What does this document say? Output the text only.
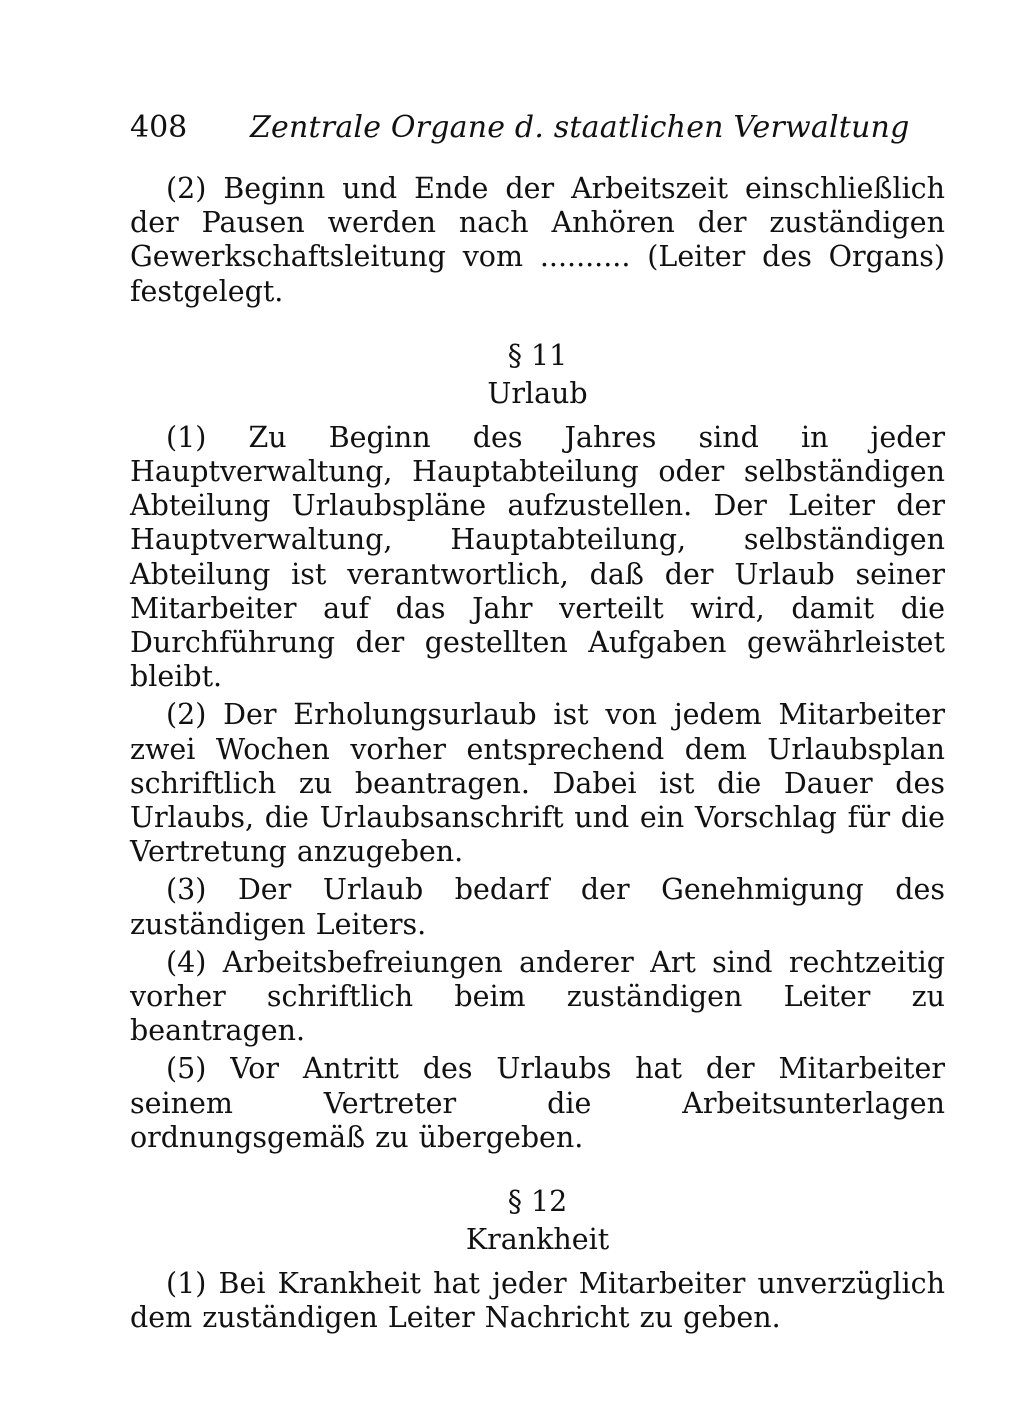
408	Zentrale Organe d. staatlichen Verwaltung

(2) Beginn und Ende der Arbeitszeit einschließlich der Pausen werden nach Anhören der zuständigen Gewerkschaftsleitung vom .......... (Leiter des Organs) festgelegt.

§ 11

Urlaub

(1) Zu Beginn des Jahres sind in jeder Hauptverwaltung, Hauptabteilung oder selbständigen Abteilung Urlaubspläne aufzustellen. Der Leiter der Hauptverwaltung, Hauptabteilung, selbständigen Abteilung ist verantwortlich, daß der Urlaub seiner Mitarbeiter auf das Jahr verteilt wird, damit die Durchführung der gestellten Aufgaben gewährleistet bleibt.

(2) Der Erholungsurlaub ist von jedem Mitarbeiter zwei Wochen vorher entsprechend dem Urlaubsplan schriftlich zu beantragen. Dabei ist die Dauer des Urlaubs, die Urlaubsanschrift und ein Vorschlag für die Vertretung anzugeben.

(3) Der Urlaub bedarf der Genehmigung des zuständigen Leiters.

(4) Arbeitsbefreiungen anderer Art sind rechtzeitig vorher schriftlich beim zuständigen Leiter zu beantragen.

(5) Vor Antritt des Urlaubs hat der Mitarbeiter seinem Vertreter die Arbeitsunterlagen ordnungsgemäß zu übergeben.

§ 12

Krankheit

(1) Bei Krankheit hat jeder Mitarbeiter unverzüglich dem zuständigen Leiter Nachricht zu geben.
